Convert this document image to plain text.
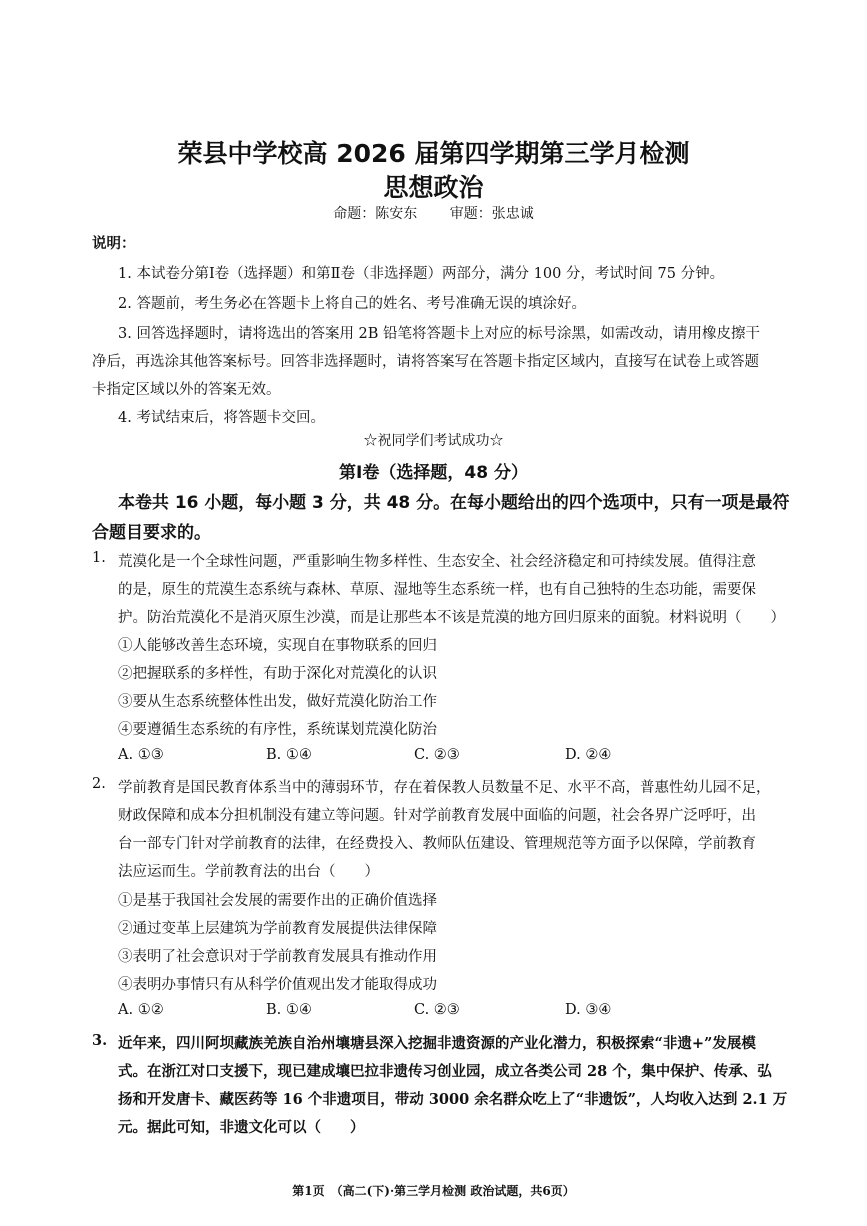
荣县中学校高 2026 届第四学期第三学月检测
思想政治
命题：陈安东 审题：张忠诚
说明：
1. 本试卷分第Ⅰ卷（选择题）和第Ⅱ卷（非选择题）两部分，满分 100 分，考试时间 75 分钟。
2. 答题前，考生务必在答题卡上将自己的姓名、考号准确无误的填涂好。
3. 回答选择题时，请将选出的答案用 2B 铅笔将答题卡上对应的标号涂黑，如需改动，请用橡皮擦干
净后，再选涂其他答案标号。回答非选择题时，请将答案写在答题卡指定区域内，直接写在试卷上或答题
卡指定区域以外的答案无效。
4. 考试结束后，将答题卡交回。
☆祝同学们考试成功☆
第Ⅰ卷（选择题，48 分）
本卷共 16 小题，每小题 3 分，共 48 分。在每小题给出的四个选项中，只有一项是最符
合题目要求的。
1. 荒漠化是一个全球性问题，严重影响生物多样性、生态安全、社会经济稳定和可持续发展。值得注意
的是，原生的荒漠生态系统与森林、草原、湿地等生态系统一样，也有自己独特的生态功能，需要保
护。防治荒漠化不是消灭原生沙漠，而是让那些本不该是荒漠的地方回归原来的面貌。材料说明（　　）
①人能够改善生态环境，实现自在事物联系的回归
②把握联系的多样性，有助于深化对荒漠化的认识
③要从生态系统整体性出发，做好荒漠化防治工作
④要遵循生态系统的有序性，系统谋划荒漠化防治
A. ①③	B. ①④	C. ②③	D. ②④
2. 学前教育是国民教育体系当中的薄弱环节，存在着保教人员数量不足、水平不高，普惠性幼儿园不足，
财政保障和成本分担机制没有建立等问题。针对学前教育发展中面临的问题，社会各界广泛呼吁，出
台一部专门针对学前教育的法律，在经费投入、教师队伍建设、管理规范等方面予以保障，学前教育
法应运而生。学前教育法的出台（　　）
①是基于我国社会发展的需要作出的正确价值选择
②通过变革上层建筑为学前教育发展提供法律保障
③表明了社会意识对于学前教育发展具有推动作用
④表明办事情只有从科学价值观出发才能取得成功
A. ①②	B. ①④	C. ②③	D. ③④
3. 近年来，四川阿坝藏族羌族自治州壤塘县深入挖掘非遗资源的产业化潜力，积极探索“非遗+”发展模
式。在浙江对口支援下，现已建成壤巴拉非遗传习创业园，成立各类公司 28 个，集中保护、传承、弘
扬和开发唐卡、藏医药等 16 个非遗项目，带动 3000 余名群众吃上了“非遗饭”，人均收入达到 2.1 万
元。据此可知，非遗文化可以（　　）
第1页　（高二(下)·第三学月检测 政治试题，共6页）
